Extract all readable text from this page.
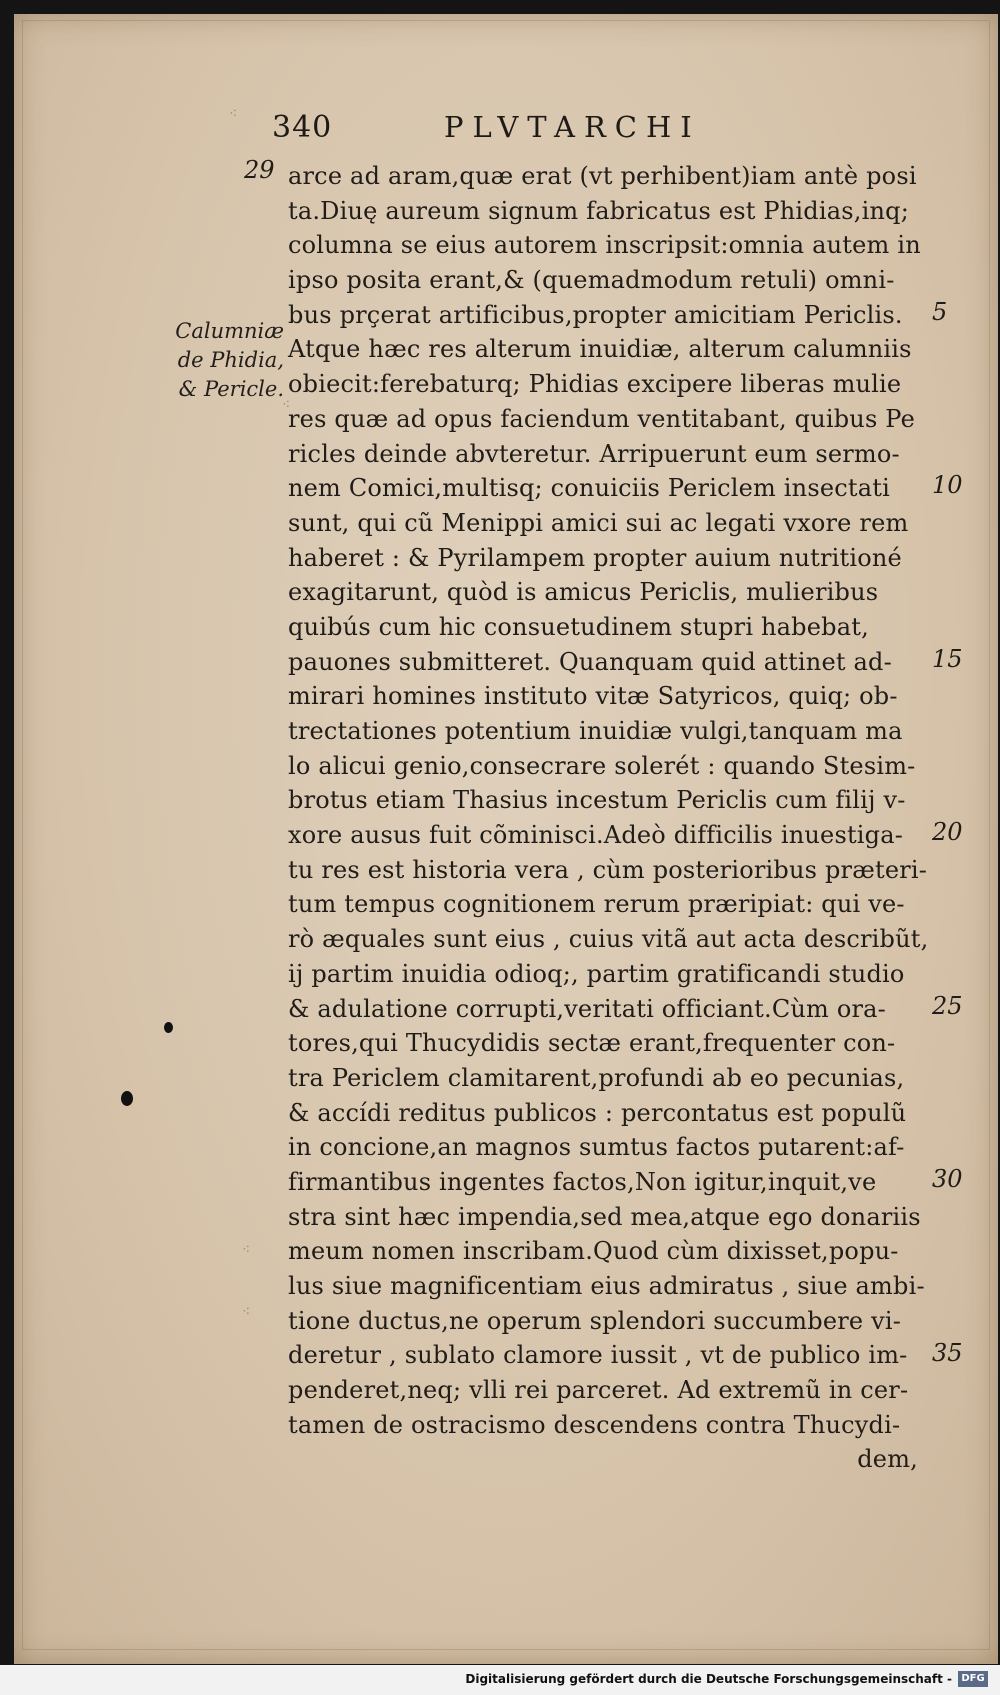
340	PLVTARCHI
29
Calumniæ
de Phidia,
& Pericle.
arce ad aram,quæ erat (vt perhibent)iam antè posi
ta.Diuę aureum signum fabricatus est Phidias,inq;
columna se eius autorem inscripsit:omnia autem in
ipso posita erant,& (quemadmodum retuli) omni-
bus prçerat artificibus,propter amicitiam Periclis.
Atque hæc res alterum inuidiæ, alterum calumniis
obiecit:ferebaturq; Phidias excipere liberas mulie
res quæ ad opus faciendum ventitabant, quibus Pe
ricles deinde abvteretur. Arripuerunt eum sermo-
nem Comici,multisq; conuiciis Periclem insectati
sunt, qui cũ Menippi amici sui ac legati vxore rem
haberet : & Pyrilampem propter auium nutritioné
exagitarunt, quòd is amicus Periclis, mulieribus
quibús cum hic consuetudinem stupri habebat,
pauones submitteret. Quanquam quid attinet ad-
mirari homines instituto vitæ Satyricos, quiq; ob-
trectationes potentium inuidiæ vulgi,tanquam ma
lo alicui genio,consecrare solerét : quando Stesim-
brotus etiam Thasius incestum Periclis cum filij v-
xore ausus fuit cõminisci.Adeò difficilis inuestiga-
tu res est historia vera , cùm posterioribus præteri-
tum tempus cognitionem rerum præripiat: qui ve-
rò æquales sunt eius , cuius vitã aut acta describũt,
ij partim inuidia odioq;, partim gratificandi studio
& adulatione corrupti,veritati officiant.Cùm ora-
tores,qui Thucydidis sectæ erant,frequenter con-
tra Periclem clamitarent,profundi ab eo pecunias,
& accídi reditus publicos : percontatus est populũ
in concione,an magnos sumtus factos putarent:af-
firmantibus ingentes factos,Non igitur,inquit,ve
stra sint hæc impendia,sed mea,atque ego donariis
meum nomen inscribam.Quod cùm dixisset,popu-
lus siue magnificentiam eius admiratus , siue ambi-
tione ductus,ne operum splendori succumbere vi-
deretur , sublato clamore iussit , vt de publico im-
penderet,neq; vlli rei parceret. Ad extremũ in cer-
tamen de ostracismo descendens contra Thucydi-
dem,
5
10
15
20
25
30
35
⁖
⁖
⁖
⁖
Digitalisierung gefördert durch die Deutsche Forschungsgemeinschaft - DFG
